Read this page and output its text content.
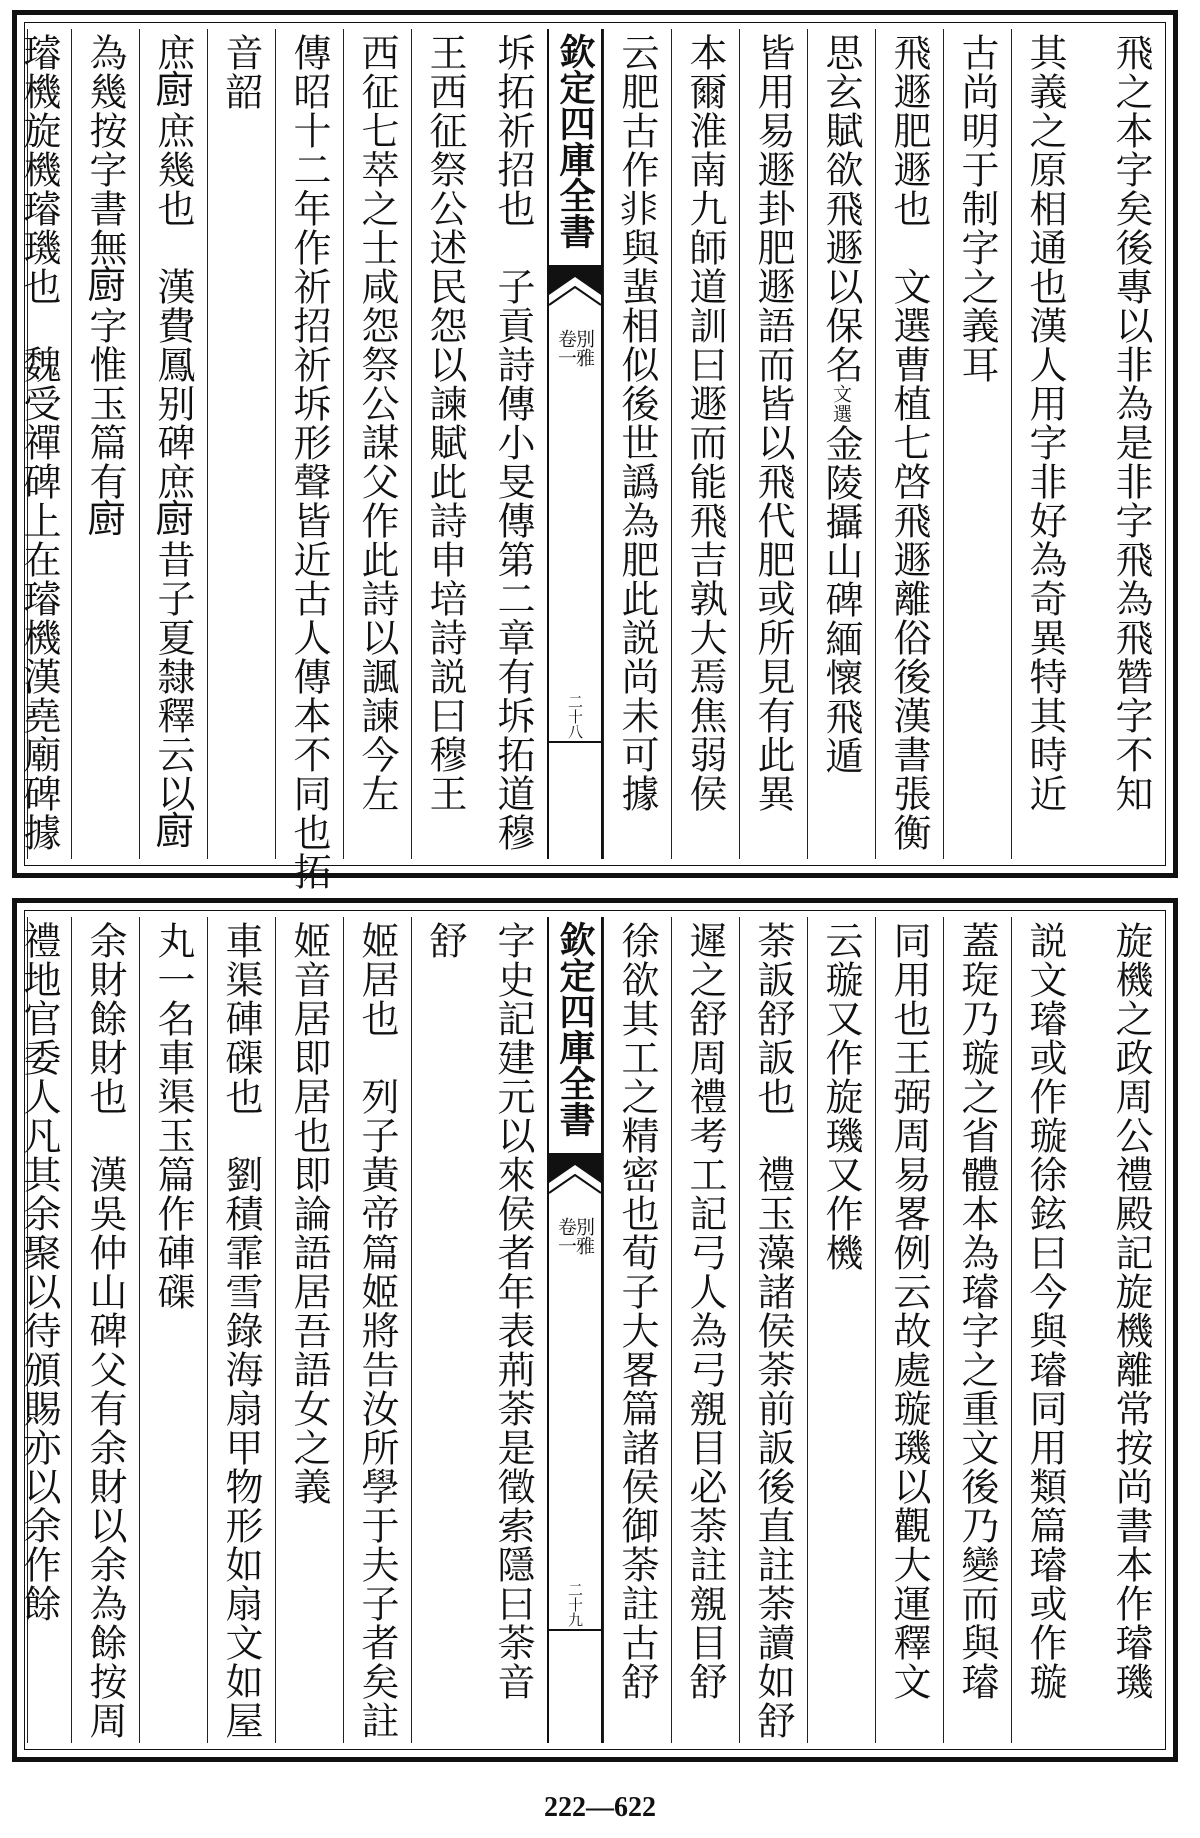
飛之本字矣後專以非為是非字飛為飛㬱字不知
其義之原相通也漢人用字非好為奇異特其時近
古尚明于制字之義耳
飛遯肥遯也　文選曹植七啓飛遯離俗後漢書張衡
思玄賦欲飛遯以保名文選金陵攝山碑緬懷飛遁
皆用易遯卦肥遯語而皆以飛代肥或所見有此異
本爾淮南九師道訓曰遯而能飛吉孰大焉焦弱侯
云肥古作𩇨與蜚相似後世譌為肥此説尚未可據
欽定四庫全書
別雅
卷一
二十八
坼拓祈招也　子貢詩傳小旻傳第二章有坼拓道穆
王西征祭公述民怨以諫賦此詩申培詩説曰穆王
西征七萃之士咸怨祭公謀父作此詩以諷諫今左
傳昭十二年作祈招祈坼形聲皆近古人傳本不同也拓
音韶
庶𢊍庶幾也　漢費鳳别碑庶𢊍昔子夏隸釋云以𢊍
為幾按字書無𢊍字惟玉篇有𢊍
璿機旋機璿璣也　魏受禪碑上在璿機漢堯廟碑據
旋機之政周公禮殿記旋機離常按尚書本作璿璣
説文璿或作璇徐鉉曰今與璿同用類篇璿或作璇
蓋琁乃璇之省體本為璿字之重文後乃變而與璿
同用也王弼周易畧例云故處璇璣以觀大運釋文
云璇又作旋璣又作機
荼䛀舒䛀也　禮玉藻諸侯荼前䛀後直註荼讀如舒
遲之舒周禮考工記弓人為弓覫目必荼註覫目舒
徐欲其工之精密也荀子大畧篇諸侯御荼註古舒
欽定四庫全書
別雅
卷一
二十九
字史記建元以來侯者年表荊荼是徵索隱曰荼音
舒
姬居也　列子黃帝篇姬將告汝所學于夫子者矣註
姬音居即居也即論語居吾語女之義
車渠硨磲也　劉積霏雪錄海扇甲物形如扇文如屋
丸一名車渠玉篇作硨磲
余財餘財也　漢吳仲山碑父有余財以余為餘按周
禮地官委人凡其余聚以待頒賜亦以余作餘
222—622
